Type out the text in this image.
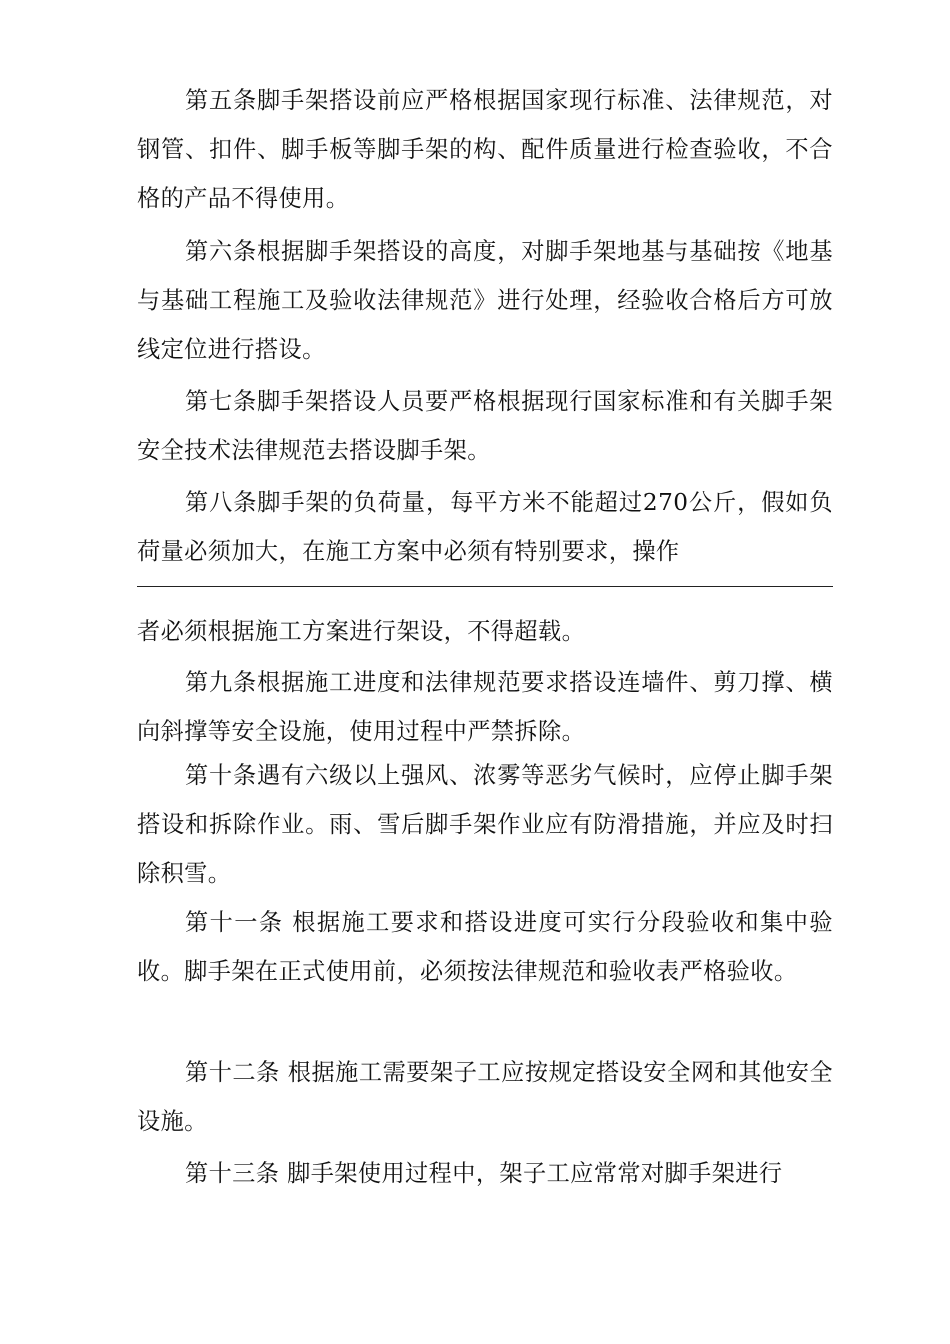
第五条脚手架搭设前应严格根据国家现行标准、法律规范，对钢管、扣件、脚手板等脚手架的构、配件质量进行检查验收，不合格的产品不得使用。

第六条根据脚手架搭设的高度，对脚手架地基与基础按《地基与基础工程施工及验收法律规范》进行处理，经验收合格后方可放线定位进行搭设。

第七条脚手架搭设人员要严格根据现行国家标准和有关脚手架安全技术法律规范去搭设脚手架。

第八条脚手架的负荷量，每平方米不能超过270公斤，假如负荷量必须加大，在施工方案中必须有特别要求，操作

者必须根据施工方案进行架设，不得超载。

第九条根据施工进度和法律规范要求搭设连墙件、剪刀撑、横向斜撑等安全设施，使用过程中严禁拆除。

第十条遇有六级以上强风、浓雾等恶劣气候时，应停止脚手架搭设和拆除作业。雨、雪后脚手架作业应有防滑措施，并应及时扫除积雪。

第十一条 根据施工要求和搭设进度可实行分段验收和集中验收。脚手架在正式使用前，必须按法律规范和验收表严格验收。

第十二条 根据施工需要架子工应按规定搭设安全网和其他安全设施。

第十三条 脚手架使用过程中，架子工应常常对脚手架进行
